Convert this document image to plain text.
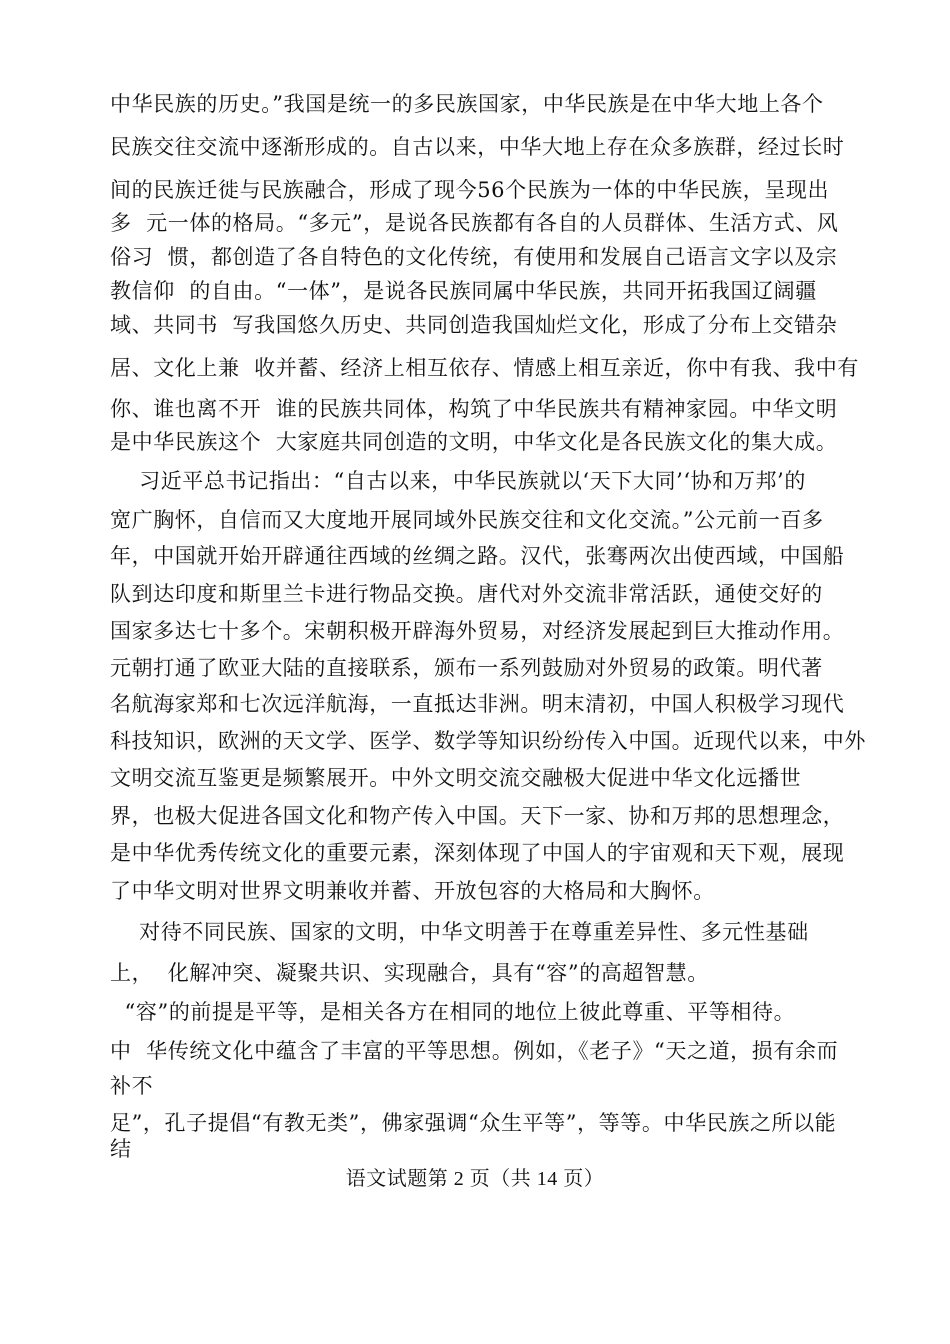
中华民族的历史。”我国是统一的多民族国家，中华民族是在中华大地上各个
民族交往交流中逐渐形成的。自古以来，中华大地上存在众多族群，经过长时
间的民族迁徙与民族融合，形成了现今56个民族为一体的中华民族，呈现出
多  元一体的格局。“多元”，是说各民族都有各自的人员群体、生活方式、风
俗习  惯，都创造了各自特色的文化传统，有使用和发展自己语言文字以及宗
教信仰  的自由。“一体”，是说各民族同属中华民族，共同开拓我国辽阔疆
域、共同书  写我国悠久历史、共同创造我国灿烂文化，形成了分布上交错杂
居、文化上兼  收并蓄、经济上相互依存、情感上相互亲近，你中有我、我中有
你、谁也离不开  谁的民族共同体，构筑了中华民族共有精神家园。中华文明
是中华民族这个  大家庭共同创造的文明，中华文化是各民族文化的集大成。
习近平总书记指出：“自古以来，中华民族就以‘天下大同’‘协和万邦’的
宽广胸怀，自信而又大度地开展同域外民族交往和文化交流。”公元前一百多
年，中国就开始开辟通往西域的丝绸之路。汉代，张骞两次出使西域，中国船
队到达印度和斯里兰卡进行物品交换。唐代对外交流非常活跃，通使交好的
国家多达七十多个。宋朝积极开辟海外贸易，对经济发展起到巨大推动作用。
元朝打通了欧亚大陆的直接联系，颁布一系列鼓励对外贸易的政策。明代著
名航海家郑和七次远洋航海，一直抵达非洲。明末清初，中国人积极学习现代
科技知识，欧洲的天文学、医学、数学等知识纷纷传入中国。近现代以来，中外
文明交流互鉴更是频繁展开。中外文明交流交融极大促进中华文化远播世
界，也极大促进各国文化和物产传入中国。天下一家、协和万邦的思想理念，
是中华优秀传统文化的重要元素，深刻体现了中国人的宇宙观和天下观，展现
了中华文明对世界文明兼收并蓄、开放包容的大格局和大胸怀。
对待不同民族、国家的文明，中华文明善于在尊重差异性、多元性基础
上，  化解冲突、凝聚共识、实现融合，具有“容”的高超智慧。
“容”的前提是平等，是相关各方在相同的地位上彼此尊重、平等相待。
中  华传统文化中蕴含了丰富的平等思想。例如，《老子》“天之道，损有余而
补不
足”，孔子提倡“有教无类”，佛家强调“众生平等”，等等。中华民族之所以能
结
语文试题第 2 页（共 14 页）
